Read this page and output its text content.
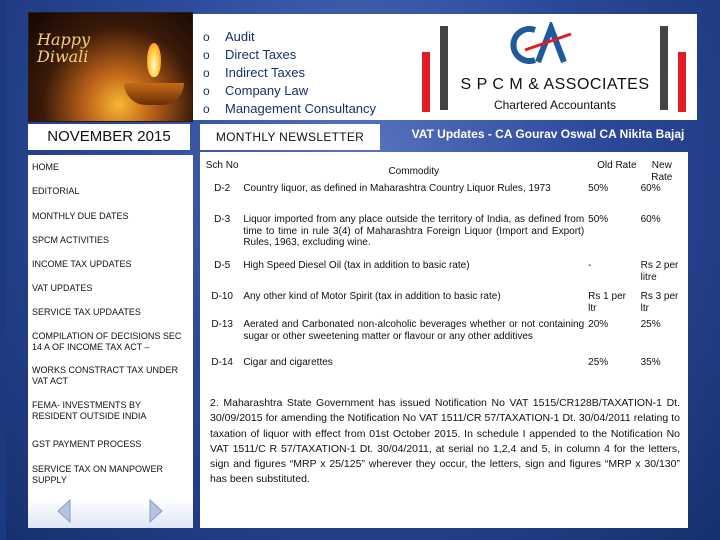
Happy Diwali
o	Audit
o	Direct Taxes
o	Indirect Taxes
o	Company Law
o	Management Consultancy
CA
S P C M & ASSOCIATES
Chartered Accountants
NOVEMBER 2015	MONTHLY NEWSLETTER	VAT Updates - CA Gourav Oswal CA Nikita Bajaj
HOME
EDITORIAL
MONTHLY DUE DATES
SPCM ACTIVITIES
INCOME TAX UPDATES
VAT UPDATES
SERVICE TAX UPDAATES
COMPILATION OF DECISIONS SEC 14 A OF INCOME TAX ACT –
WORKS CONSTRACT TAX UNDER VAT ACT
FEMA- INVESTMENTS BY RESIDENT OUTSIDE INDIA
GST PAYMENT PROCESS
SERVICE TAX ON MANPOWER SUPPLY
Sch No	Commodity	Old Rate	New Rate
D-2	Country liquor, as defined in Maharashtra Country Liquor Rules, 1973	50%	60%
D-3	Liquor imported from any place outside the territory of India, as defined from time to time in rule 3(4) of Maharashtra Foreign Liquor (Import and Export) Rules, 1963, excluding wine.	50%	60%
D-5	High Speed Diesel Oil (tax in addition to basic rate)	-	Rs 2 per litre
D-10	Any other kind of Motor Spirit (tax in addition to basic rate)	Rs 1 per ltr	Rs 3 per ltr
D-13	Aerated and Carbonated non-alcoholic beverages whether or not containing sugar or other sweetening matter or flavour or any other additives	20%	25%
D-14	Cigar and cigarettes	25%	35%
2. Maharashtra State Government has issued Notification No VAT 1515/CR128B/TAXATION-1 Dt. 30/09/2015 for amending the Notification No VAT 1511/CR 57/TAXATION-1 Dt. 30/04/2011 relating to taxation of liquor with effect from 01st October 2015. In schedule I appended to the Notification No VAT 1511/C R 57/TAXATION-1 Dt. 30/04/2011, at serial no 1,2,4 and 5, in column 4 for the letters, sign and figures “MRP x 25/125” wherever they occur, the letters, sign and figures “MRP x 30/130” has been substituted.
